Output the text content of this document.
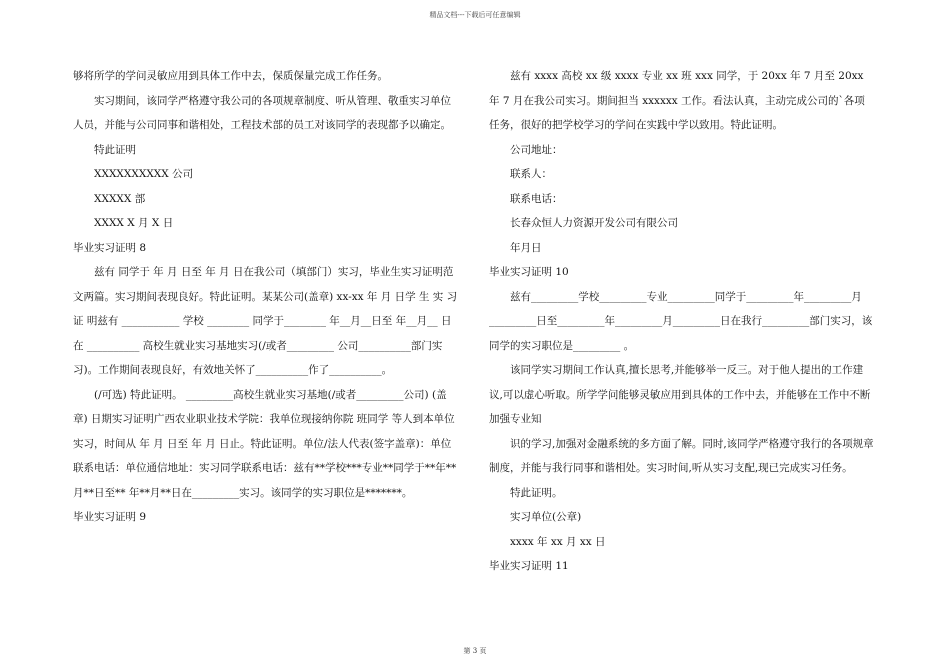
精品文档---下载后可任意编辑

够将所学的学问灵敏应用到具体工作中去，保质保量完成工作任务。

实习期间，该同学严格遵守我公司的各项规章制度、听从管理、敬重实习单位人员，并能与公司同事和谐相处，工程技术部的员工对该同学的表现都予以确定。

特此证明

XXXXXXXXXX 公司

XXXXX 部

XXXX X 月 X 日

毕业实习证明 8

兹有 同学于 年 月 日至 年 月 日在我公司（填部门）实习，毕业生实习证明范文两篇。实习期间表现良好。特此证明。某某公司(盖章) xx-xx 年 月 日学 生 实 习 证 明兹有 ___________ 学校 ________ 同学于________ 年__月__日至 年__月__ 日在 __________ 高校生就业实习基地实习(/或者_________ 公司__________部门实习)。工作期间表现良好，有效地关怀了__________作了__________。

(/可选) 特此证明。 _________高校生就业实习基地(/或者_________公司) (盖章) 日期实习证明广西农业职业技术学院：我单位现接纳你院 班同学 等人到本单位实习，时间从 年 月 日至 年 月 日止。特此证明。单位/法人代表(签字盖章)：单位联系电话：单位通信地址：实习同学联系电话：兹有**学校***专业**同学于**年**月**日至** 年**月**日在_________实习。该同学的实习职位是*******。

毕业实习证明 9

兹有 xxxx 高校 xx 级 xxxx 专业 xx 班 xxx 同学，于 20xx 年 7 月至 20xx 年 7 月在我公司实习。期间担当 xxxxxx 工作。看法认真，主动完成公司的`各项任务，很好的把学校学习的学问在实践中学以致用。特此证明。

公司地址：

联系人：

联系电话：

长春众恒人力资源开发公司有限公司

年月日

毕业实习证明 10

兹有_________学校_________专业_________同学于_________年_________月_________日至_________年_________月_________日在我行_________部门实习，该同学的实习职位是_________ 。

该同学实习期间工作认真,擅长思考,并能够举一反三。对于他人提出的工作建议,可以虚心听取。所学学问能够灵敏应用到具体的工作中去，并能够在工作中不断加强专业知

识的学习,加强对金融系统的多方面了解。同时,该同学严格遵守我行的各项规章制度，并能与我行同事和谐相处。实习时间,听从实习支配,现已完成实习任务。

特此证明。

实习单位(公章)

xxxx 年 xx 月 xx 日

毕业实习证明 11

第 3 页
